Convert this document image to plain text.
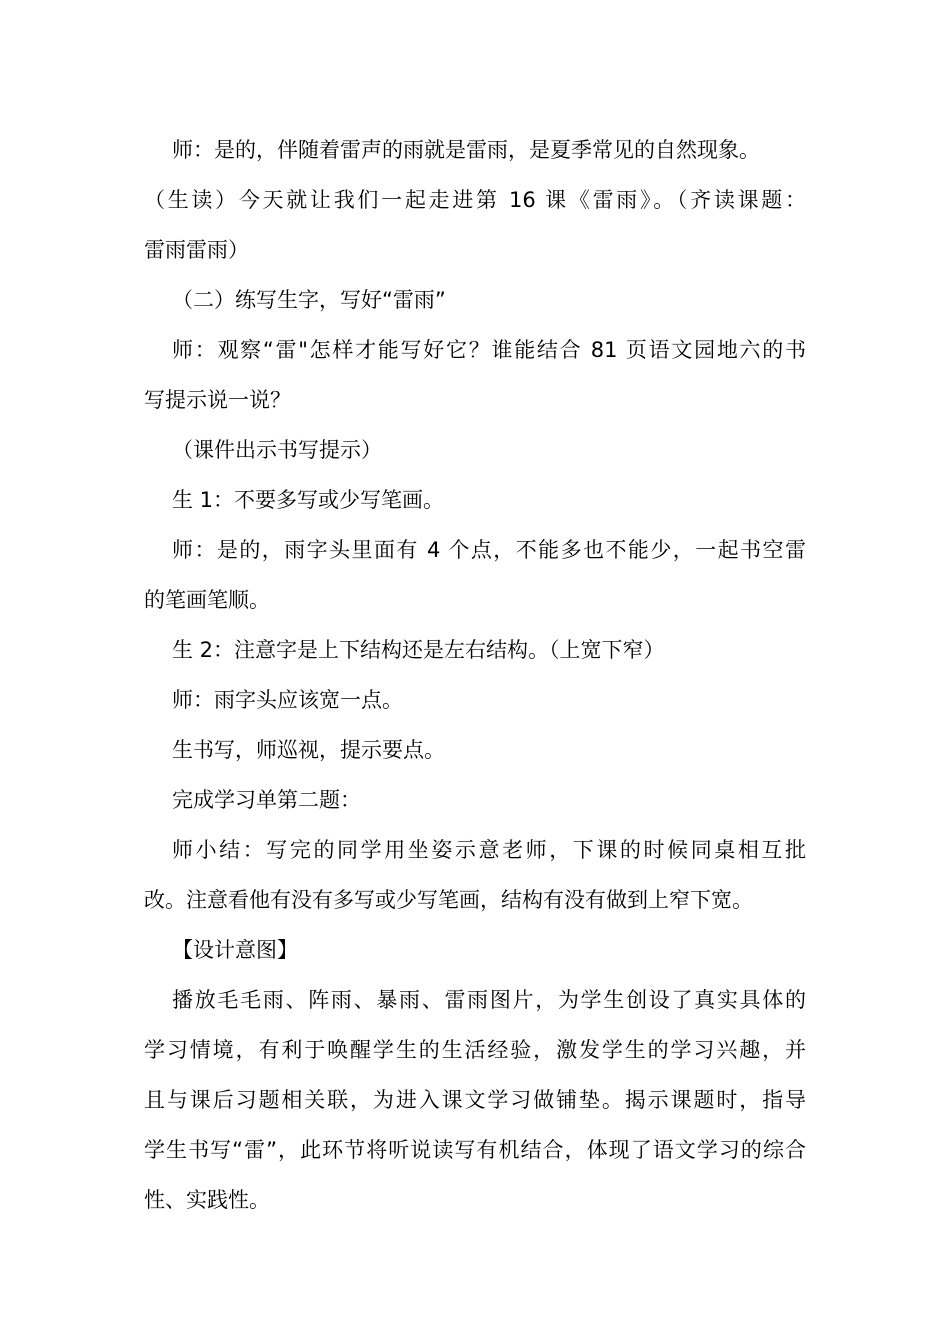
师：是的，伴随着雷声的雨就是雷雨，是夏季常见的自然现象。

（生读）今天就让我们一起走进第 16 课《雷雨》。（齐读课题：

雷雨雷雨）

（二）练写生字，写好“雷雨”

师：观察“雷"怎样才能写好它？谁能结合 81 页语文园地六的书

写提示说一说？

（课件出示书写提示）

生 1：不要多写或少写笔画。

师：是的，雨字头里面有 4 个点，不能多也不能少，一起书空雷

的笔画笔顺。

生 2：注意字是上下结构还是左右结构。（上宽下窄）

师：雨字头应该宽一点。

生书写，师巡视，提示要点。

完成学习单第二题：

师小结：写完的同学用坐姿示意老师，下课的时候同桌相互批

改。注意看他有没有多写或少写笔画，结构有没有做到上窄下宽。

【设计意图】

播放毛毛雨、阵雨、暴雨、雷雨图片，为学生创设了真实具体的

学习情境，有利于唤醒学生的生活经验，激发学生的学习兴趣，并

且与课后习题相关联，为进入课文学习做铺垫。揭示课题时，指导

学生书写“雷”，此环节将听说读写有机结合，体现了语文学习的综合

性、实践性。
